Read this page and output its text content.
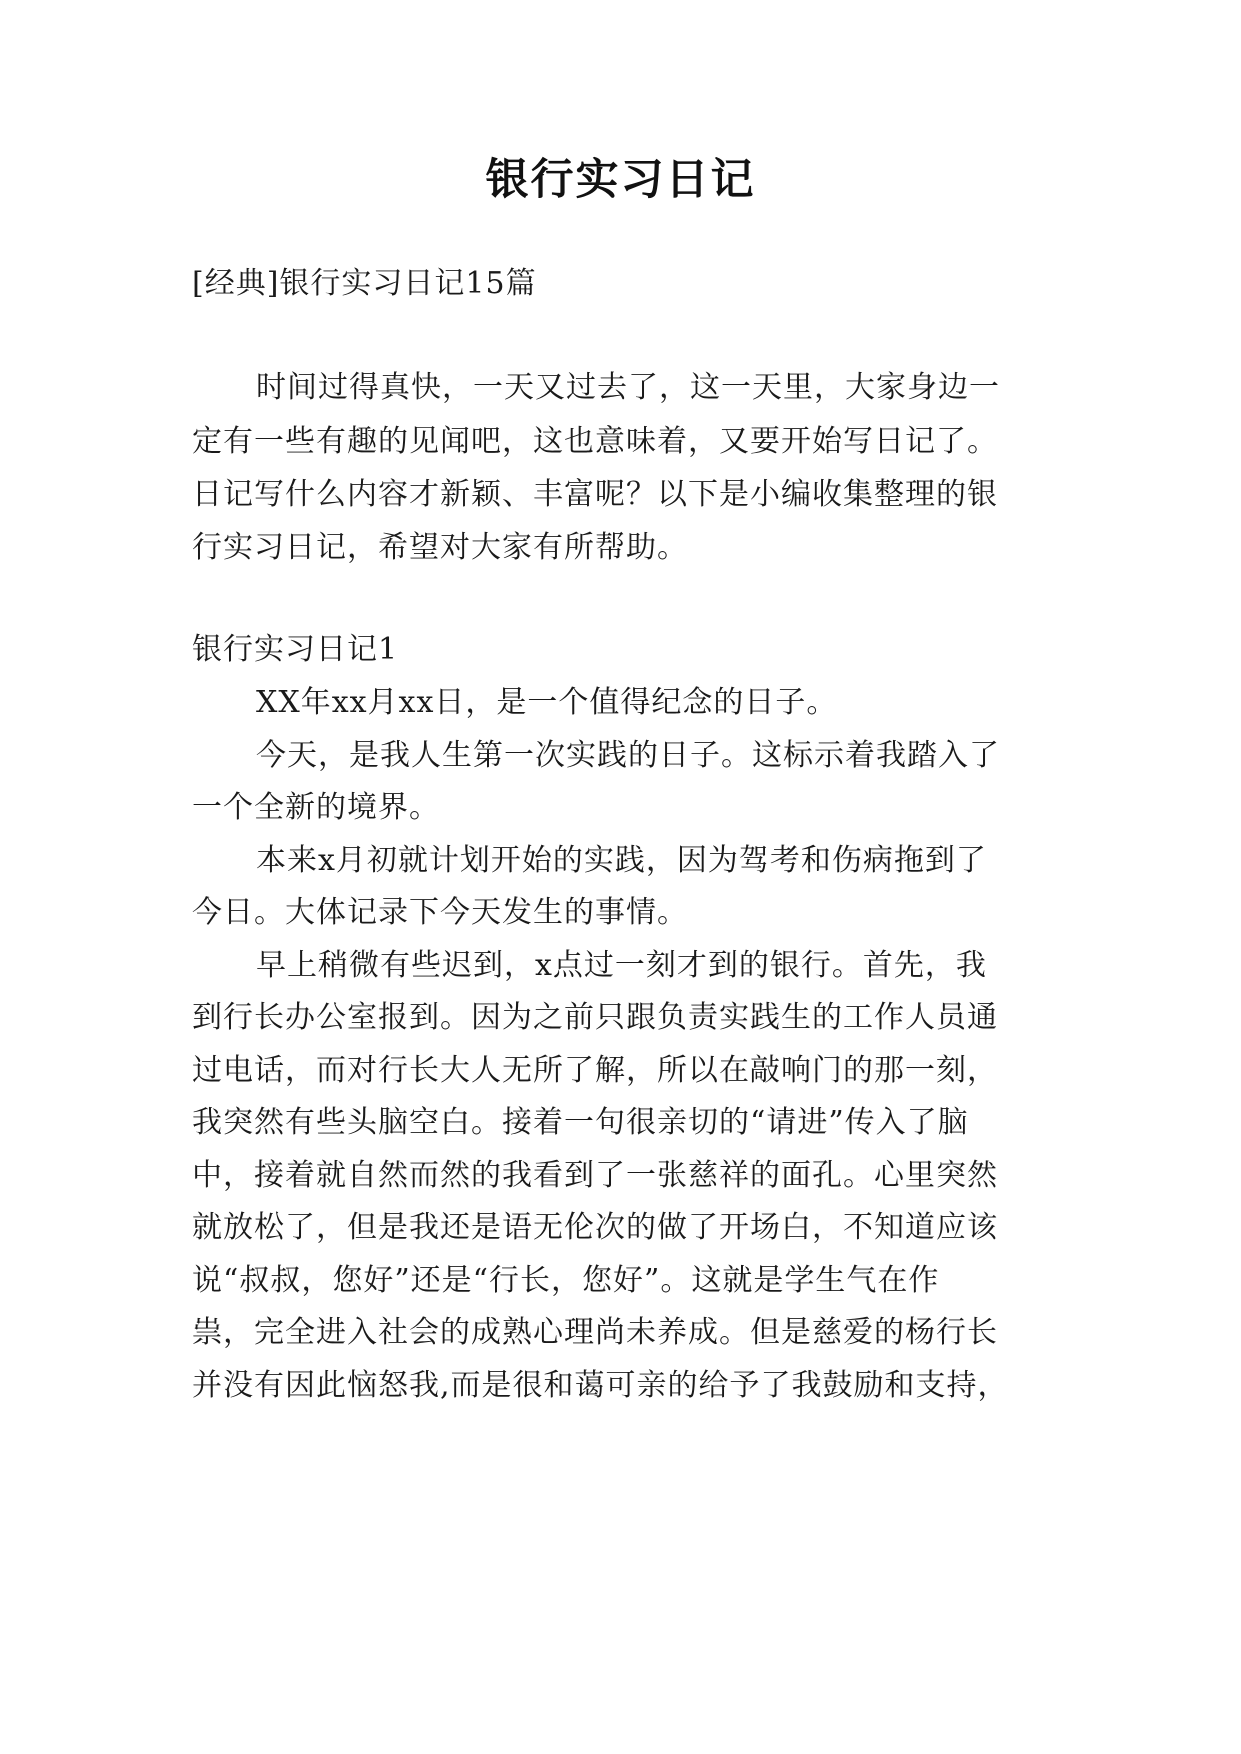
银行实习日记
[经典]银行实习日记15篇
时间过得真快，一天又过去了，这一天里，大家身边一
定有一些有趣的见闻吧，这也意味着，又要开始写日记了。
日记写什么内容才新颖、丰富呢？以下是小编收集整理的银
行实习日记，希望对大家有所帮助。
银行实习日记1
XX年xx月xx日，是一个值得纪念的日子。
今天，是我人生第一次实践的日子。这标示着我踏入了
一个全新的境界。
本来x月初就计划开始的实践，因为驾考和伤病拖到了
今日。大体记录下今天发生的事情。
早上稍微有些迟到，x点过一刻才到的银行。首先，我
到行长办公室报到。因为之前只跟负责实践生的工作人员通
过电话，而对行长大人无所了解，所以在敲响门的那一刻，
我突然有些头脑空白。接着一句很亲切的“请进”传入了脑
中，接着就自然而然的我看到了一张慈祥的面孔。心里突然
就放松了，但是我还是语无伦次的做了开场白，不知道应该
说“叔叔，您好”还是“行长，您好”。这就是学生气在作
祟，完全进入社会的成熟心理尚未养成。但是慈爱的杨行长
并没有因此恼怒我,而是很和蔼可亲的给予了我鼓励和支持，
